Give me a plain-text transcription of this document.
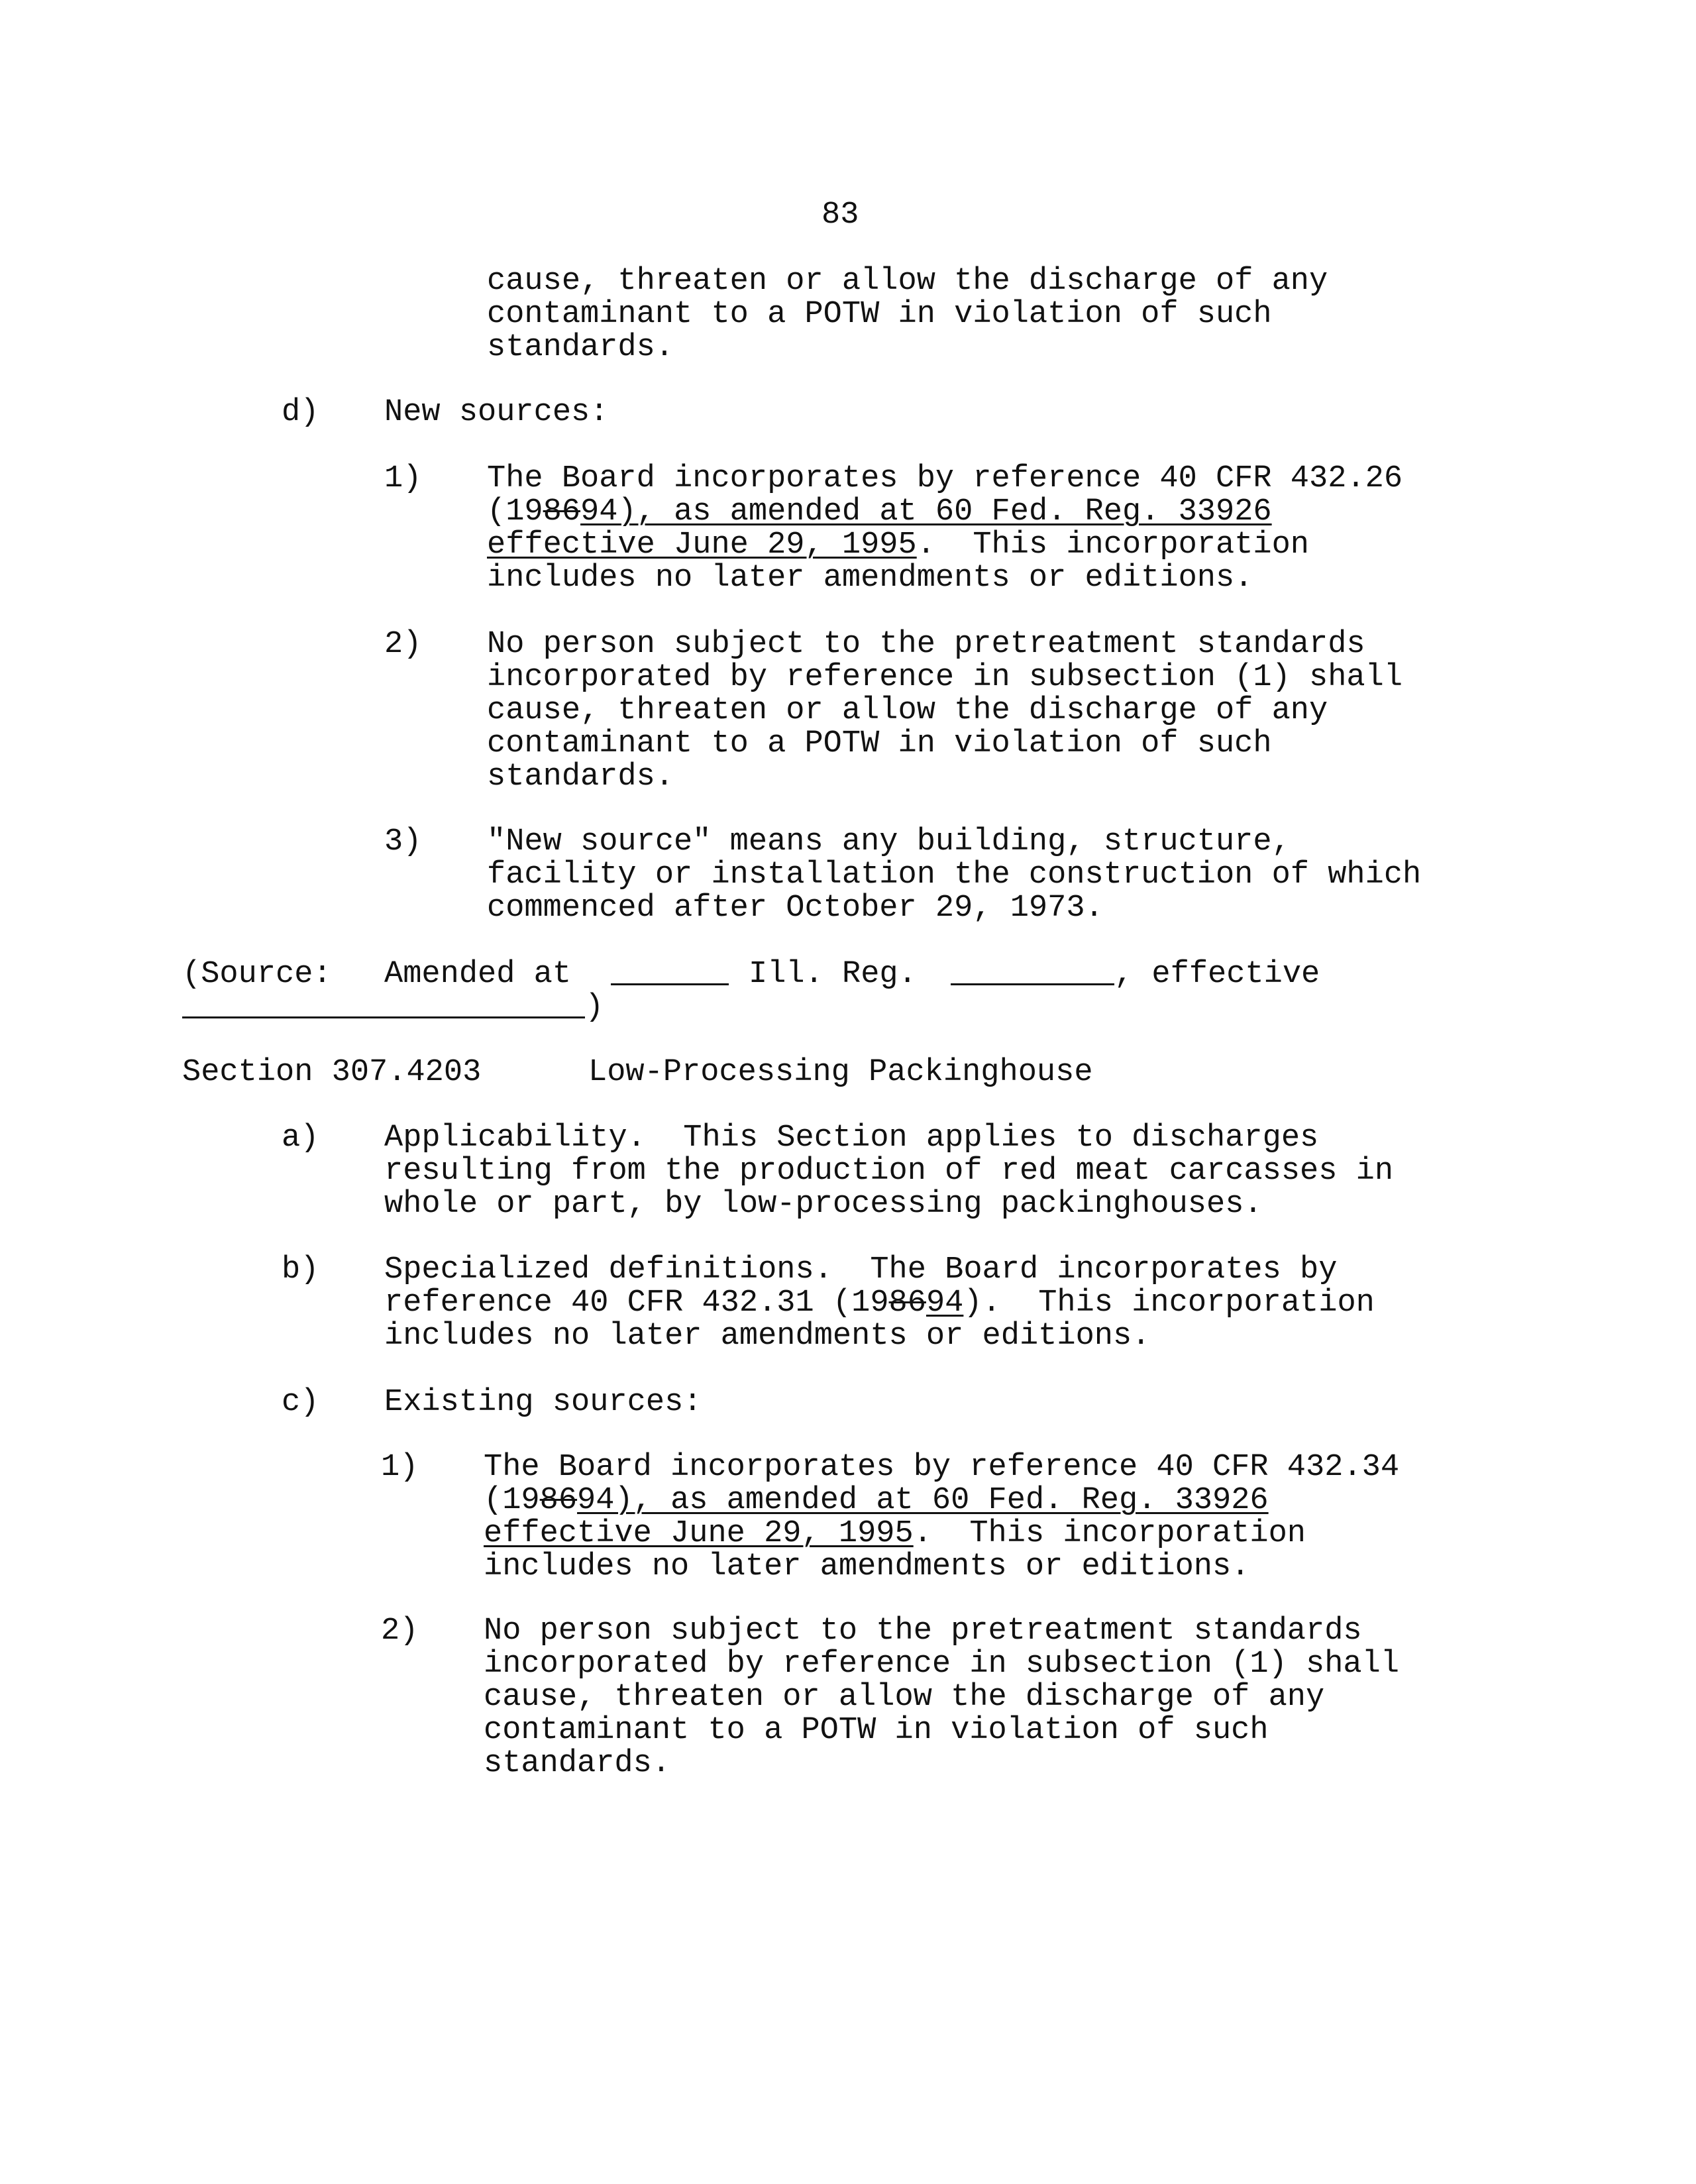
83
cause, threaten or allow the discharge of any
contaminant to a POTW in violation of such
standards.
d) New sources:
1) The Board incorporates by reference 40 CFR 432.26
(198694), as amended at 60 Fed. Reg. 33926
effective June 29, 1995.  This incorporation
includes no later amendments or editions.
2) No person subject to the pretreatment standards
incorporated by reference in subsection (1) shall
cause, threaten or allow the discharge of any
contaminant to a POTW in violation of such
standards.
3) "New source" means any building, structure,
facility or installation the construction of which
commenced after October 29, 1973.
(Source: Amended at	Ill. Reg.	, effective
)
Section 307.4203	Low-Processing Packinghouse
a) Applicability.  This Section applies to discharges
resulting from the production of red meat carcasses in
whole or part, by low-processing packinghouses.
b) Specialized definitions.  The Board incorporates by
reference 40 CFR 432.31 (198694).  This incorporation
includes no later amendments or editions.
c) Existing sources:
1) The Board incorporates by reference 40 CFR 432.34
(198694), as amended at 60 Fed. Reg. 33926
effective June 29, 1995.  This incorporation
includes no later amendments or editions.
2) No person subject to the pretreatment standards
incorporated by reference in subsection (1) shall
cause, threaten or allow the discharge of any
contaminant to a POTW in violation of such
standards.
